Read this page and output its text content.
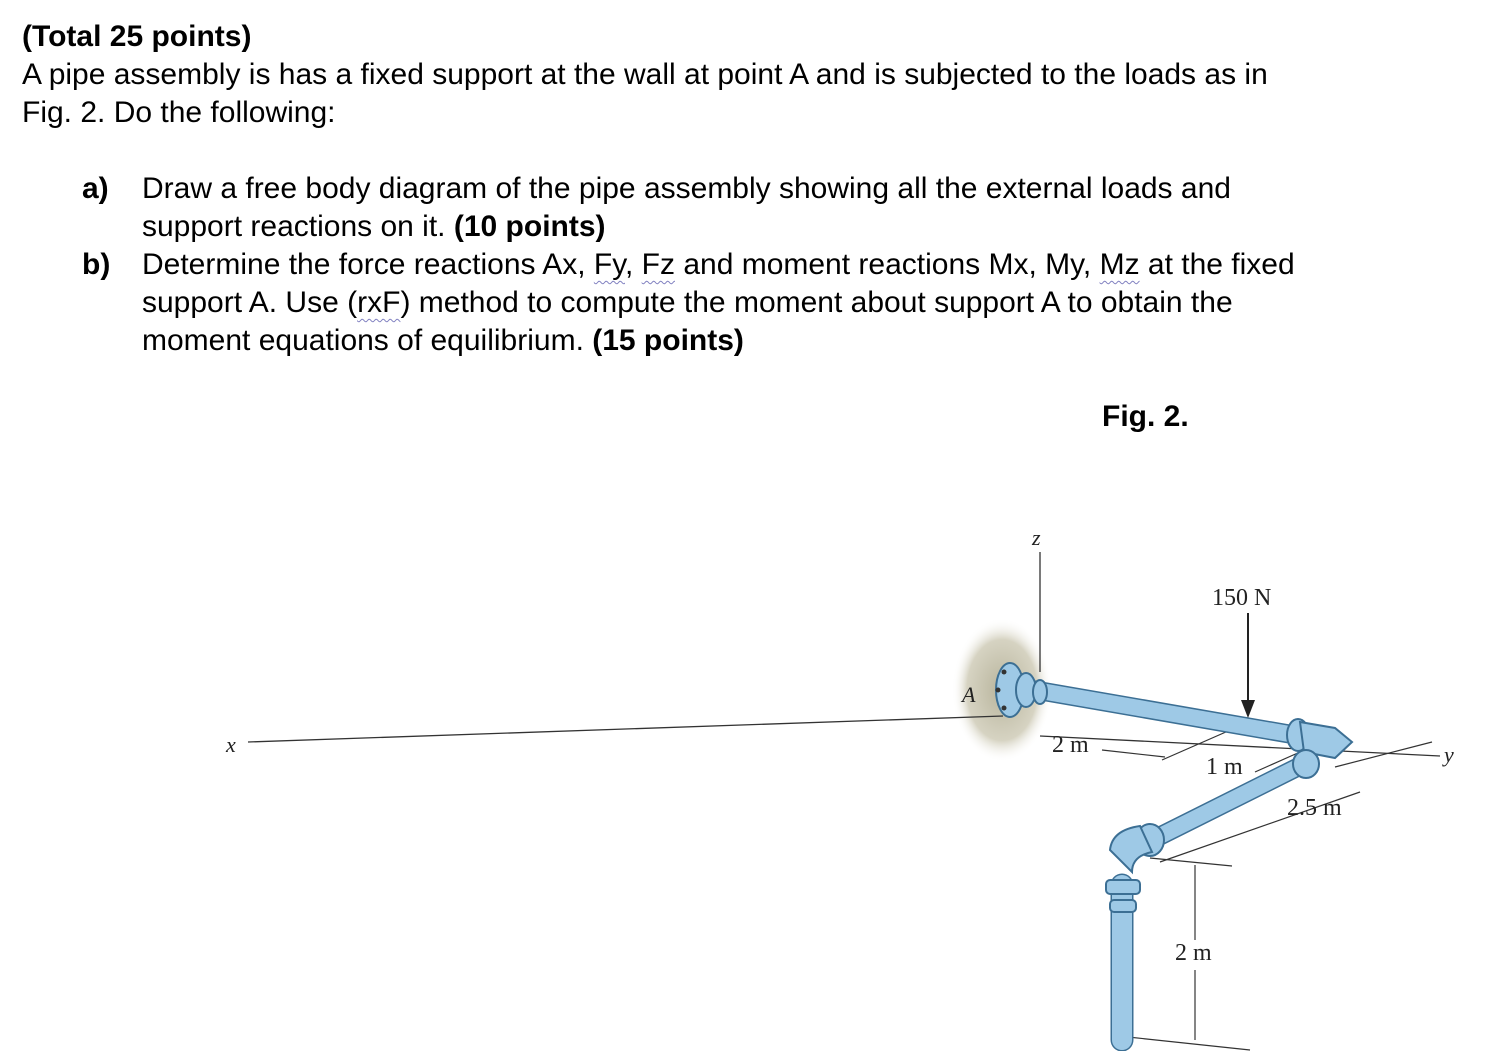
(Total 25 points)
A pipe assembly is has a fixed support at the wall at point A and is subjected to the loads as in
Fig. 2. Do the following:
a) Draw a free body diagram of the pipe assembly showing all the external loads and
support reactions on it. (10 points)
b) Determine the force reactions Ax, Fy, Fz and moment reactions Mx, My, Mz at the fixed
support A. Use (rxF) method to compute the moment about support A to obtain the
moment equations of equilibrium. (15 points)
Fig. 2.
z
x	y
2 m
1 m
2.5 m
2 m
A
150 N
